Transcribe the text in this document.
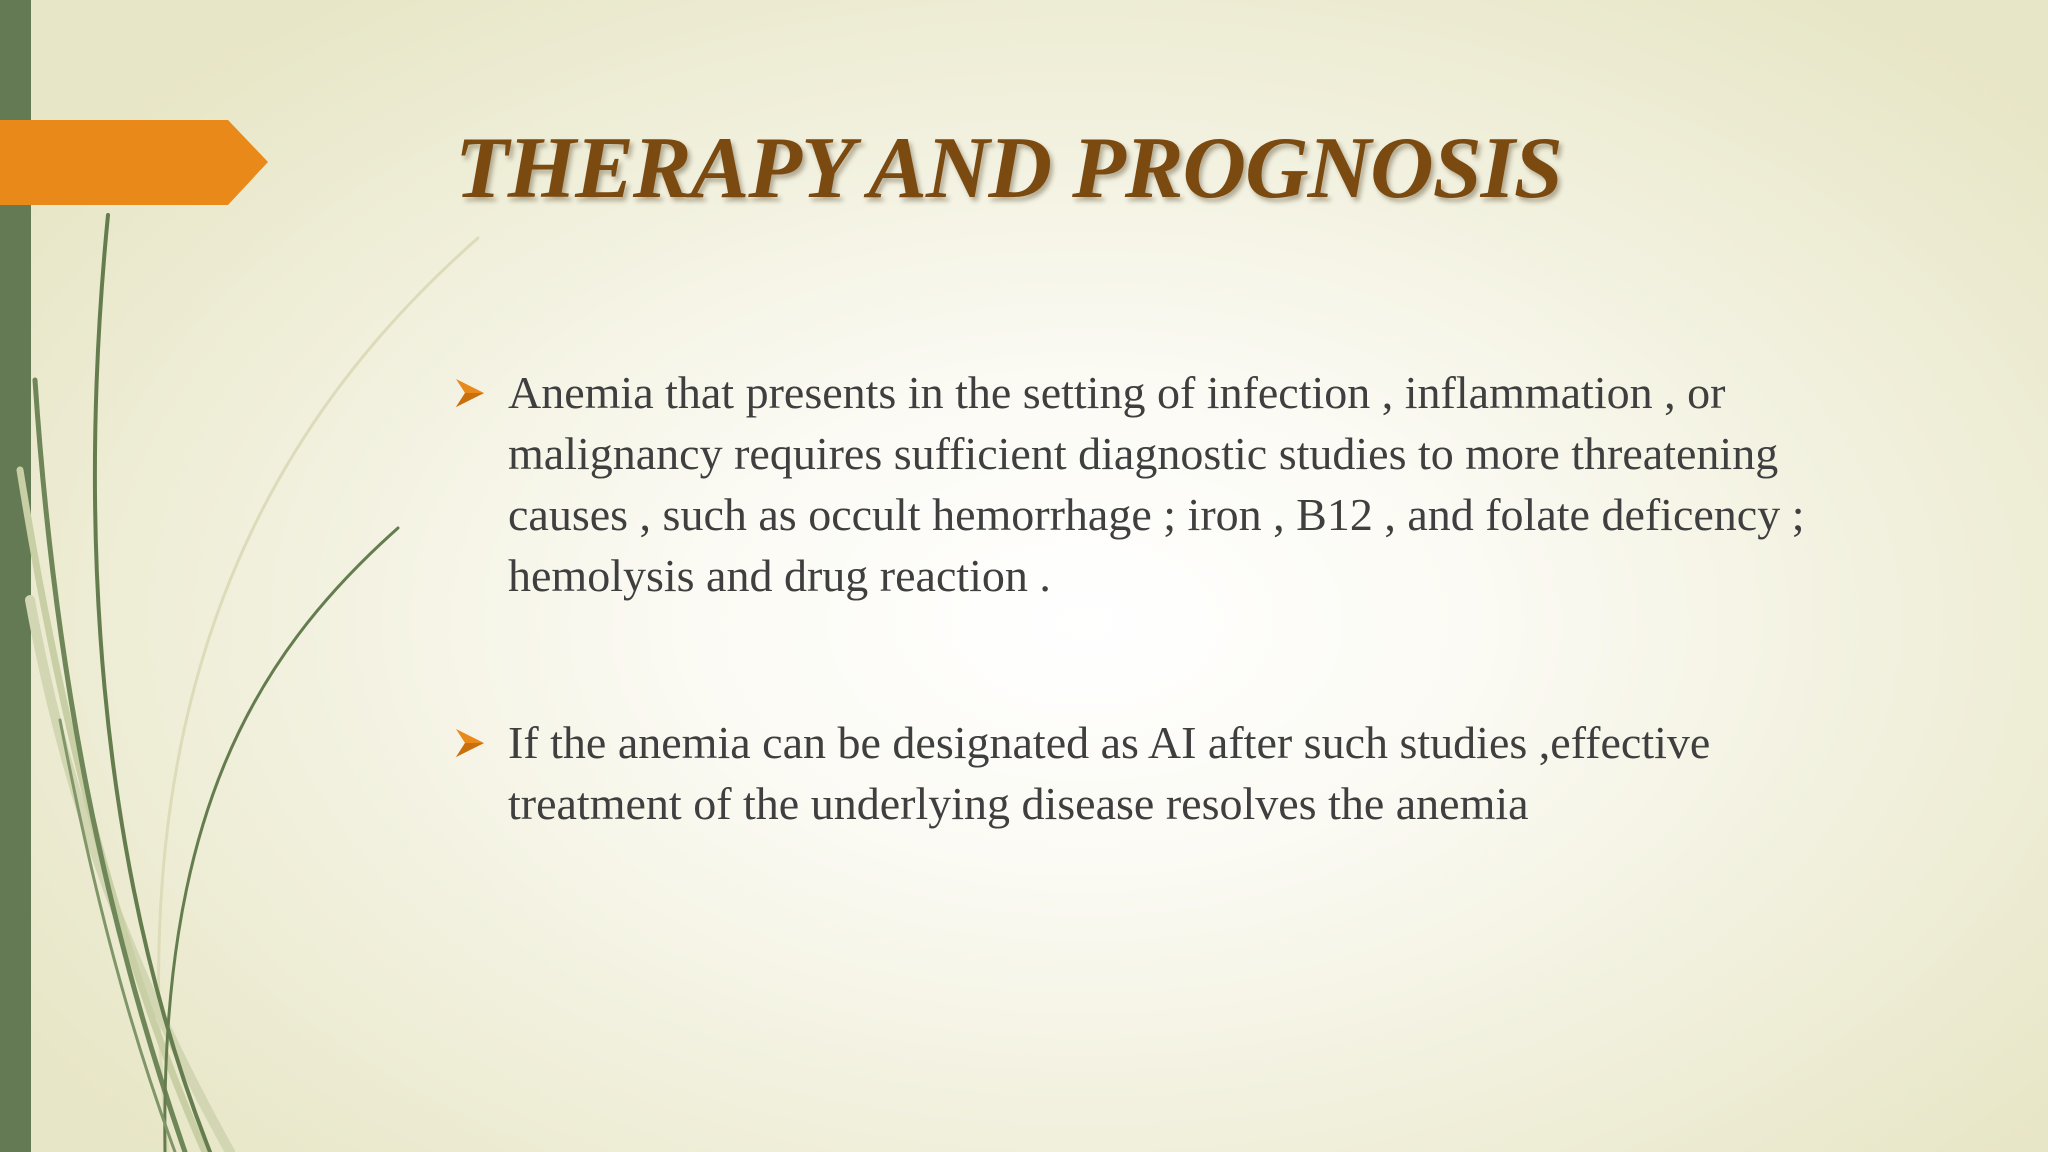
THERAPY AND PROGNOSIS
Anemia that presents in the setting of infection , inflammation , or malignancy requires sufficient diagnostic studies to more threatening causes , such as occult hemorrhage ; iron , B12 , and folate deficency ; hemolysis and drug reaction .
If the anemia can be designated as AI after such studies ,effective treatment of the underlying disease resolves the anemia
